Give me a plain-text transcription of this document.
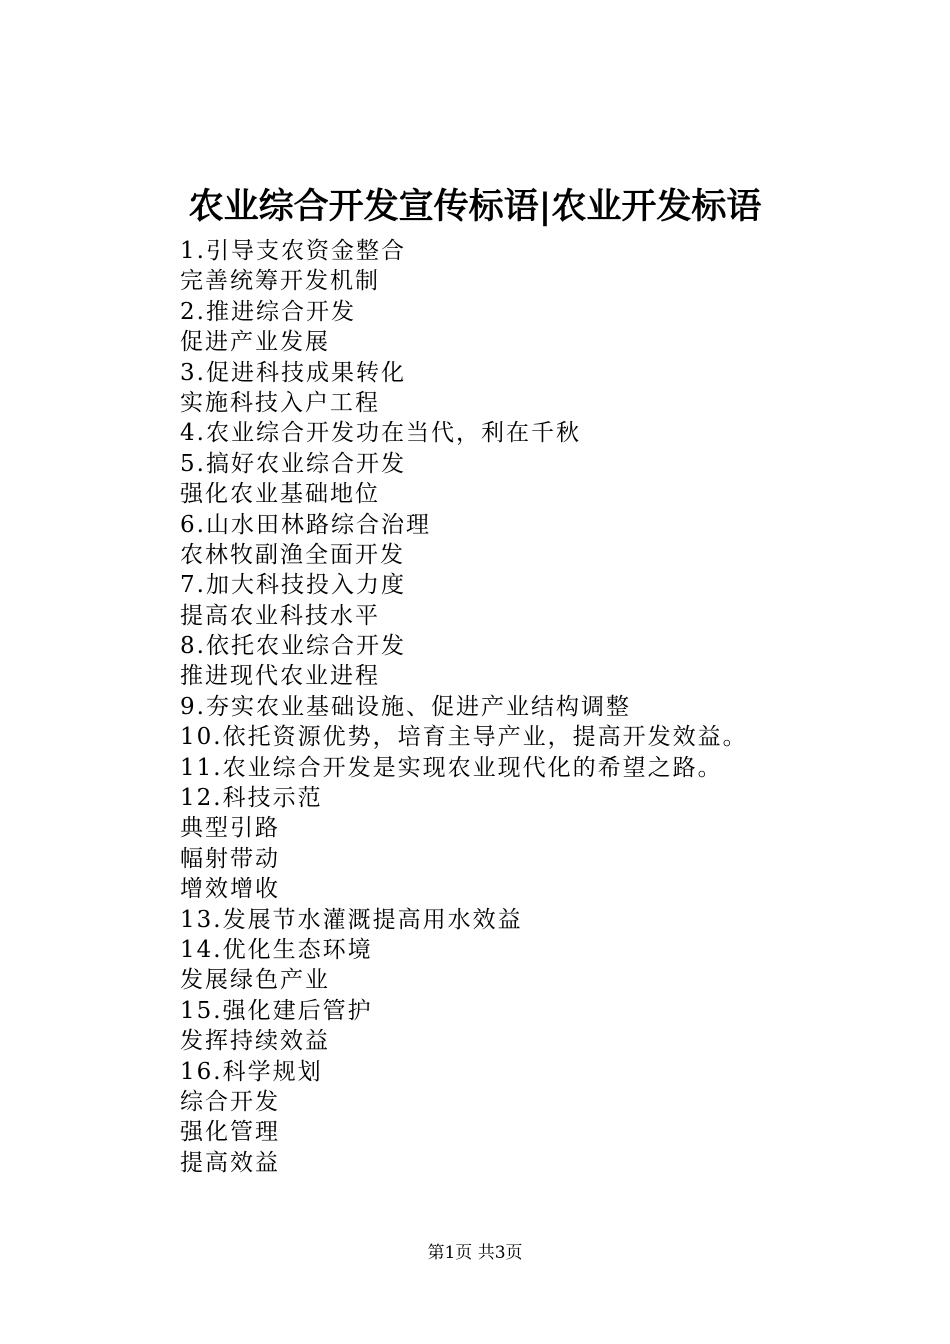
农业综合开发宣传标语|农业开发标语
1.引导支农资金整合
完善统筹开发机制
2.推进综合开发
促进产业发展
3.促进科技成果转化
实施科技入户工程
4.农业综合开发功在当代，利在千秋
5.搞好农业综合开发
强化农业基础地位
6.山水田林路综合治理
农林牧副渔全面开发
7.加大科技投入力度
提高农业科技水平
8.依托农业综合开发
推进现代农业进程
9.夯实农业基础设施、促进产业结构调整
10.依托资源优势，培育主导产业，提高开发效益。
11.农业综合开发是实现农业现代化的希望之路。
12.科技示范
典型引路
幅射带动
增效增收
13.发展节水灌溉提高用水效益
14.优化生态环境
发展绿色产业
15.强化建后管护
发挥持续效益
16.科学规划
综合开发
强化管理
提高效益
第1页 共3页
